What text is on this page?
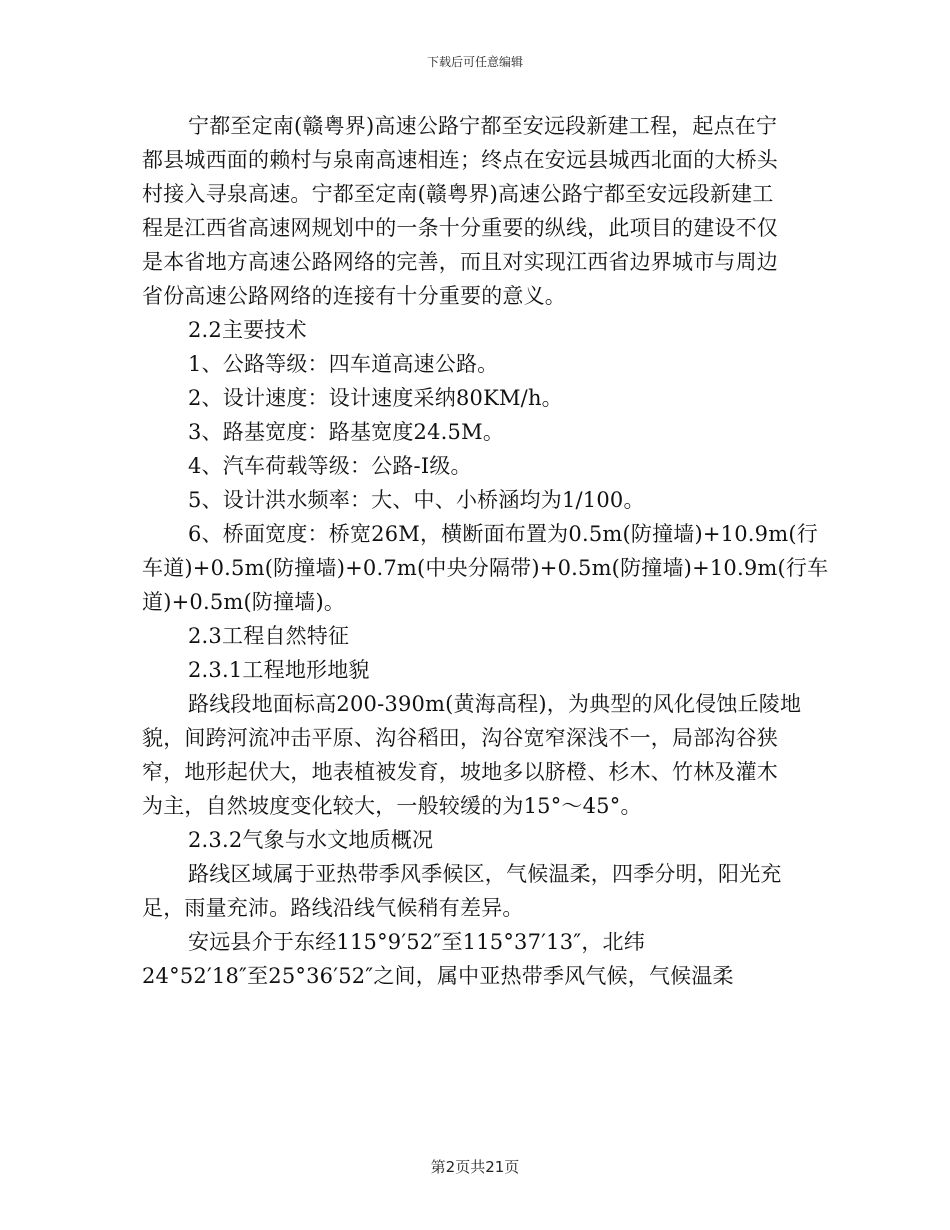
下载后可任意编辑
宁都至定南(赣粤界)高速公路宁都至安远段新建工程，起点在宁
都县城西面的赖村与泉南高速相连；终点在安远县城西北面的大桥头
村接入寻泉高速。宁都至定南(赣粤界)高速公路宁都至安远段新建工
程是江西省高速网规划中的一条十分重要的纵线，此项目的建设不仅
是本省地方高速公路网络的完善，而且对实现江西省边界城市与周边
省份高速公路网络的连接有十分重要的意义。
2.2主要技术
1、公路等级：四车道高速公路。
2、设计速度：设计速度采纳80KM/h。
3、路基宽度：路基宽度24.5M。
4、汽车荷载等级：公路-Ⅰ级。
5、设计洪水频率：大、中、小桥涵均为1/100。
6、桥面宽度：桥宽26M，横断面布置为0.5m(防撞墙)+10.9m(行
车道)+0.5m(防撞墙)+0.7m(中央分隔带)+0.5m(防撞墙)+10.9m(行车
道)+0.5m(防撞墙)。
2.3工程自然特征
2.3.1工程地形地貌
路线段地面标高200-390m(黄海高程)，为典型的风化侵蚀丘陵地
貌，间跨河流冲击平原、沟谷稻田，沟谷宽窄深浅不一，局部沟谷狭
窄，地形起伏大，地表植被发育，坡地多以脐橙、杉木、竹林及灌木
为主，自然坡度变化较大，一般较缓的为15°～45°。
2.3.2气象与水文地质概况
路线区域属于亚热带季风季候区，气候温柔，四季分明，阳光充
足，雨量充沛。路线沿线气候稍有差异。
安远县介于东经115°9′52″至115°37′13″，北纬
24°52′18″至25°36′52″之间，属中亚热带季风气候，气候温柔
第2页共21页
